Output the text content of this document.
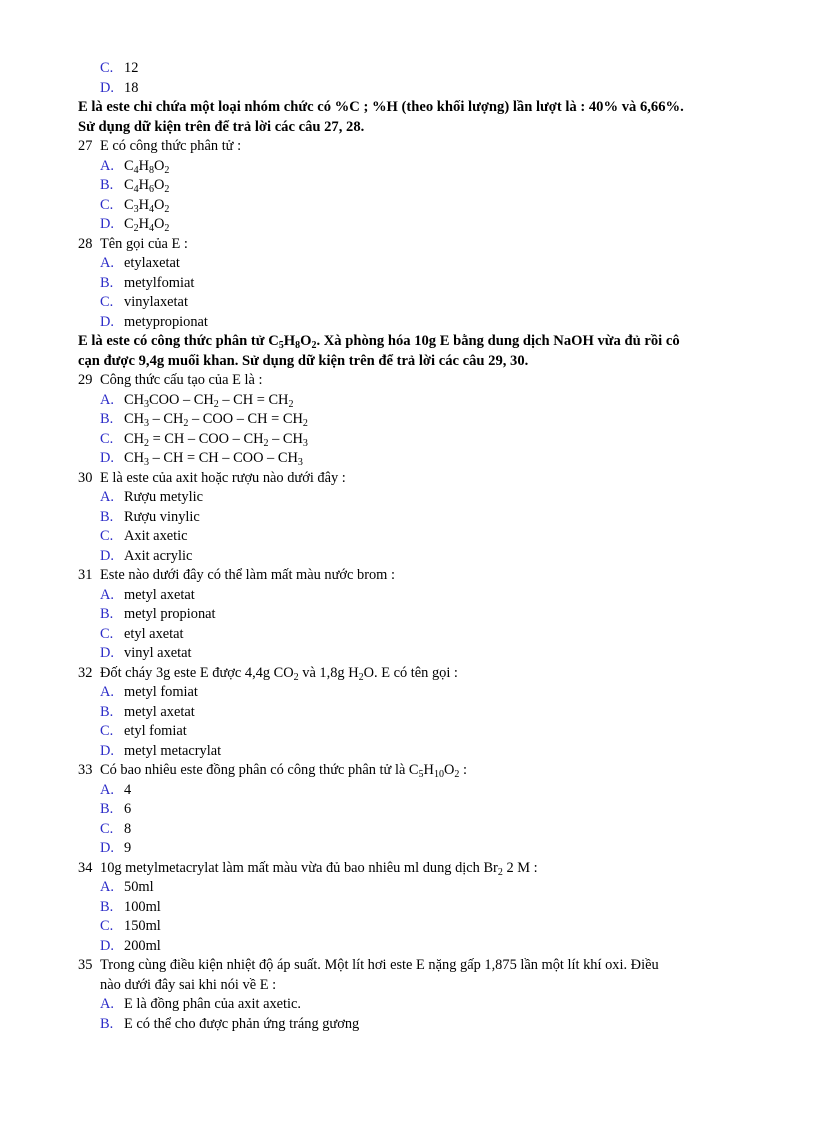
C. 12
D. 18
E là este chỉ chứa một loại nhóm chức có %C ; %H (theo khối lượng) lần lượt là : 40% và 6,66%.
Sử dụng dữ kiện trên để trả lời các câu 27, 28.
27 E có công thức phân tử :
A. $C_4H_8O_2$
B. $C_4H_6O_2$
C. $C_3H_4O_2$
D. $C_2H_4O_2$
28 Tên gọi của E :
A. etylaxetat
B. metylfomiat
C. vinylaxetat
D. metypropionat
E là este có công thức phân tử $C_5H_8O_2$. Xà phòng hóa 10g E bằng dung dịch NaOH vừa đủ rồi cô
cạn được 9,4g muối khan. Sử dụng dữ kiện trên để trả lời các câu 29, 30.
29 Công thức cấu tạo của E là :
A. $CH_3COO - CH_2$ – CH = $CH_2$
B. $CH_3 - CH_2$ – COO – CH = $CH_2$
C. $CH_2$ = CH – COO – $CH_2 - CH_3$
D. $CH_3$ – CH = CH – COO – $CH_3$
30 E là este của axit hoặc rượu nào dưới đây :
A. Rượu metylic
B. Rượu vinylic
C. Axit axetic
D. Axit acrylic
31 Este nào dưới đây có thể làm mất màu nước brom :
A. metyl axetat
B. metyl propionat
C. etyl axetat
D. vinyl axetat
32 Đốt cháy 3g este E được 4,4g $CO_2$ và 1,8g $H_2O$. E có tên gọi :
A. metyl fomiat
B. metyl axetat
C. etyl fomiat
D. metyl metacrylat
33 Có bao nhiêu este đồng phân có công thức phân tử là $C_5H_{10}O_2$ :
A. 4
B. 6
C. 8
D. 9
34 10g metylmetacrylat làm mất màu vừa đủ bao nhiêu ml dung dịch $Br_2$ 2 M :
A. 50ml
B. 100ml
C. 150ml
D. 200ml
35 Trong cùng điều kiện nhiệt độ áp suất. Một lít hơi este E nặng gấp 1,875 lần một lít khí oxi. Điều
nào dưới đây sai khi nói về E :
A. E là đồng phân của axit axetic.
B. E có thể cho được phản ứng tráng gương
